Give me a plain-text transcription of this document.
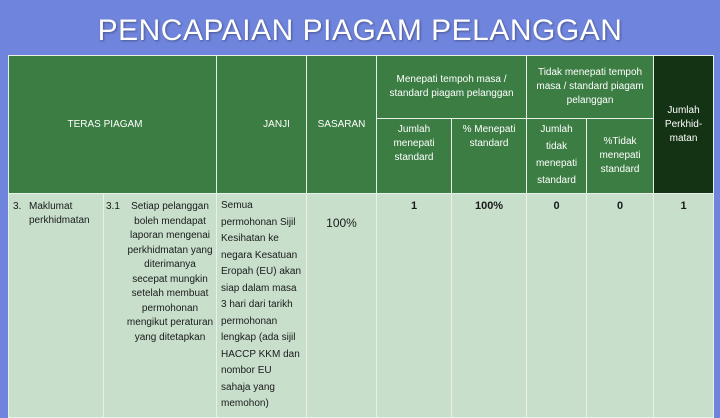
PENCAPAIAN PIAGAM PELANGGAN
TERAS PIAGAM		JANJI	SASARAN	Menepati tempoh masa / standard piagam pelanggan		Tidak menepati tempoh masa / standard piagam pelanggan		Jumlah Perkhid-matan

				Jumlah menepati standard	% Menepati standard	Jumlah tidak menepati standard	%Tidak menepati standard	

3. Maklumat perkhidmatan	3.1 Setiap pelanggan boleh mendapat laporan mengenai perkhidmatan yang diterimanya secepat mungkin setelah membuat permohonan mengikut peraturan yang ditetapkan	Semua permohonan Sijil Kesihatan ke negara Kesatuan Eropah (EU) akan siap dalam masa 3 hari dari tarikh permohonan lengkap (ada sijil HACCP KKM dan nombor EU sahaja yang memohon)	100%	1	100%	0	0	1
